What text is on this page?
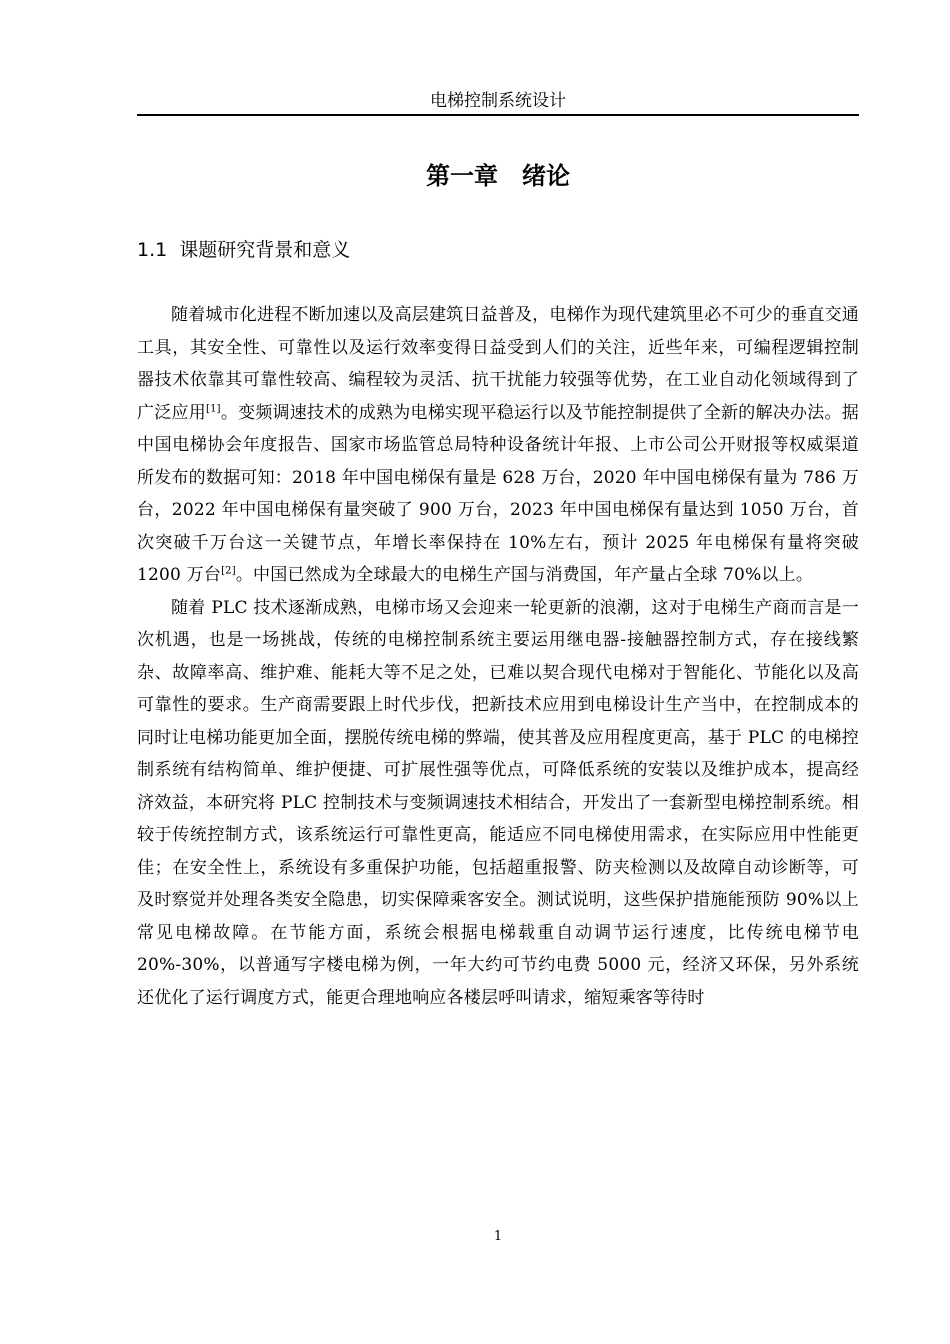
电梯控制系统设计
第一章　绪论
1.1 课题研究背景和意义

随着城市化进程不断加速以及高层建筑日益普及，电梯作为现代建筑里必不可少的垂直交通工具，其安全性、可靠性以及运行效率变得日益受到人们的关注，近些年来，可编程逻辑控制器技术依靠其可靠性较高、编程较为灵活、抗干扰能力较强等优势，在工业自动化领域得到了广泛应用[1]。变频调速技术的成熟为电梯实现平稳运行以及节能控制提供了全新的解决办法。据中国电梯协会年度报告、国家市场监管总局特种设备统计年报、上市公司公开财报等权威渠道所发布的数据可知：2018 年中国电梯保有量是 628 万台，2020 年中国电梯保有量为 786 万台，2022 年中国电梯保有量突破了 900 万台，2023 年中国电梯保有量达到 1050 万台，首次突破千万台这一关键节点，年增长率保持在 10%左右，预计 2025 年电梯保有量将突破 1200 万台[2]。中国已然成为全球最大的电梯生产国与消费国，年产量占全球 70%以上。

随着 PLC 技术逐渐成熟，电梯市场又会迎来一轮更新的浪潮，这对于电梯生产商而言是一次机遇，也是一场挑战，传统的电梯控制系统主要运用继电器-接触器控制方式，存在接线繁杂、故障率高、维护难、能耗大等不足之处，已难以契合现代电梯对于智能化、节能化以及高可靠性的要求。生产商需要跟上时代步伐，把新技术应用到电梯设计生产当中，在控制成本的同时让电梯功能更加全面，摆脱传统电梯的弊端，使其普及应用程度更高，基于 PLC 的电梯控制系统有结构简单、维护便捷、可扩展性强等优点，可降低系统的安装以及维护成本，提高经济效益，本研究将 PLC 控制技术与变频调速技术相结合，开发出了一套新型电梯控制系统。相较于传统控制方式，该系统运行可靠性更高，能适应不同电梯使用需求，在实际应用中性能更佳；在安全性上，系统设有多重保护功能，包括超重报警、防夹检测以及故障自动诊断等，可及时察觉并处理各类安全隐患，切实保障乘客安全。测试说明，这些保护措施能预防 90%以上常见电梯故障。在节能方面，系统会根据电梯载重自动调节运行速度，比传统电梯节电 20%-30%，以普通写字楼电梯为例，一年大约可节约电费 5000 元，经济又环保，另外系统还优化了运行调度方式，能更合理地响应各楼层呼叫请求，缩短乘客等待时

1
